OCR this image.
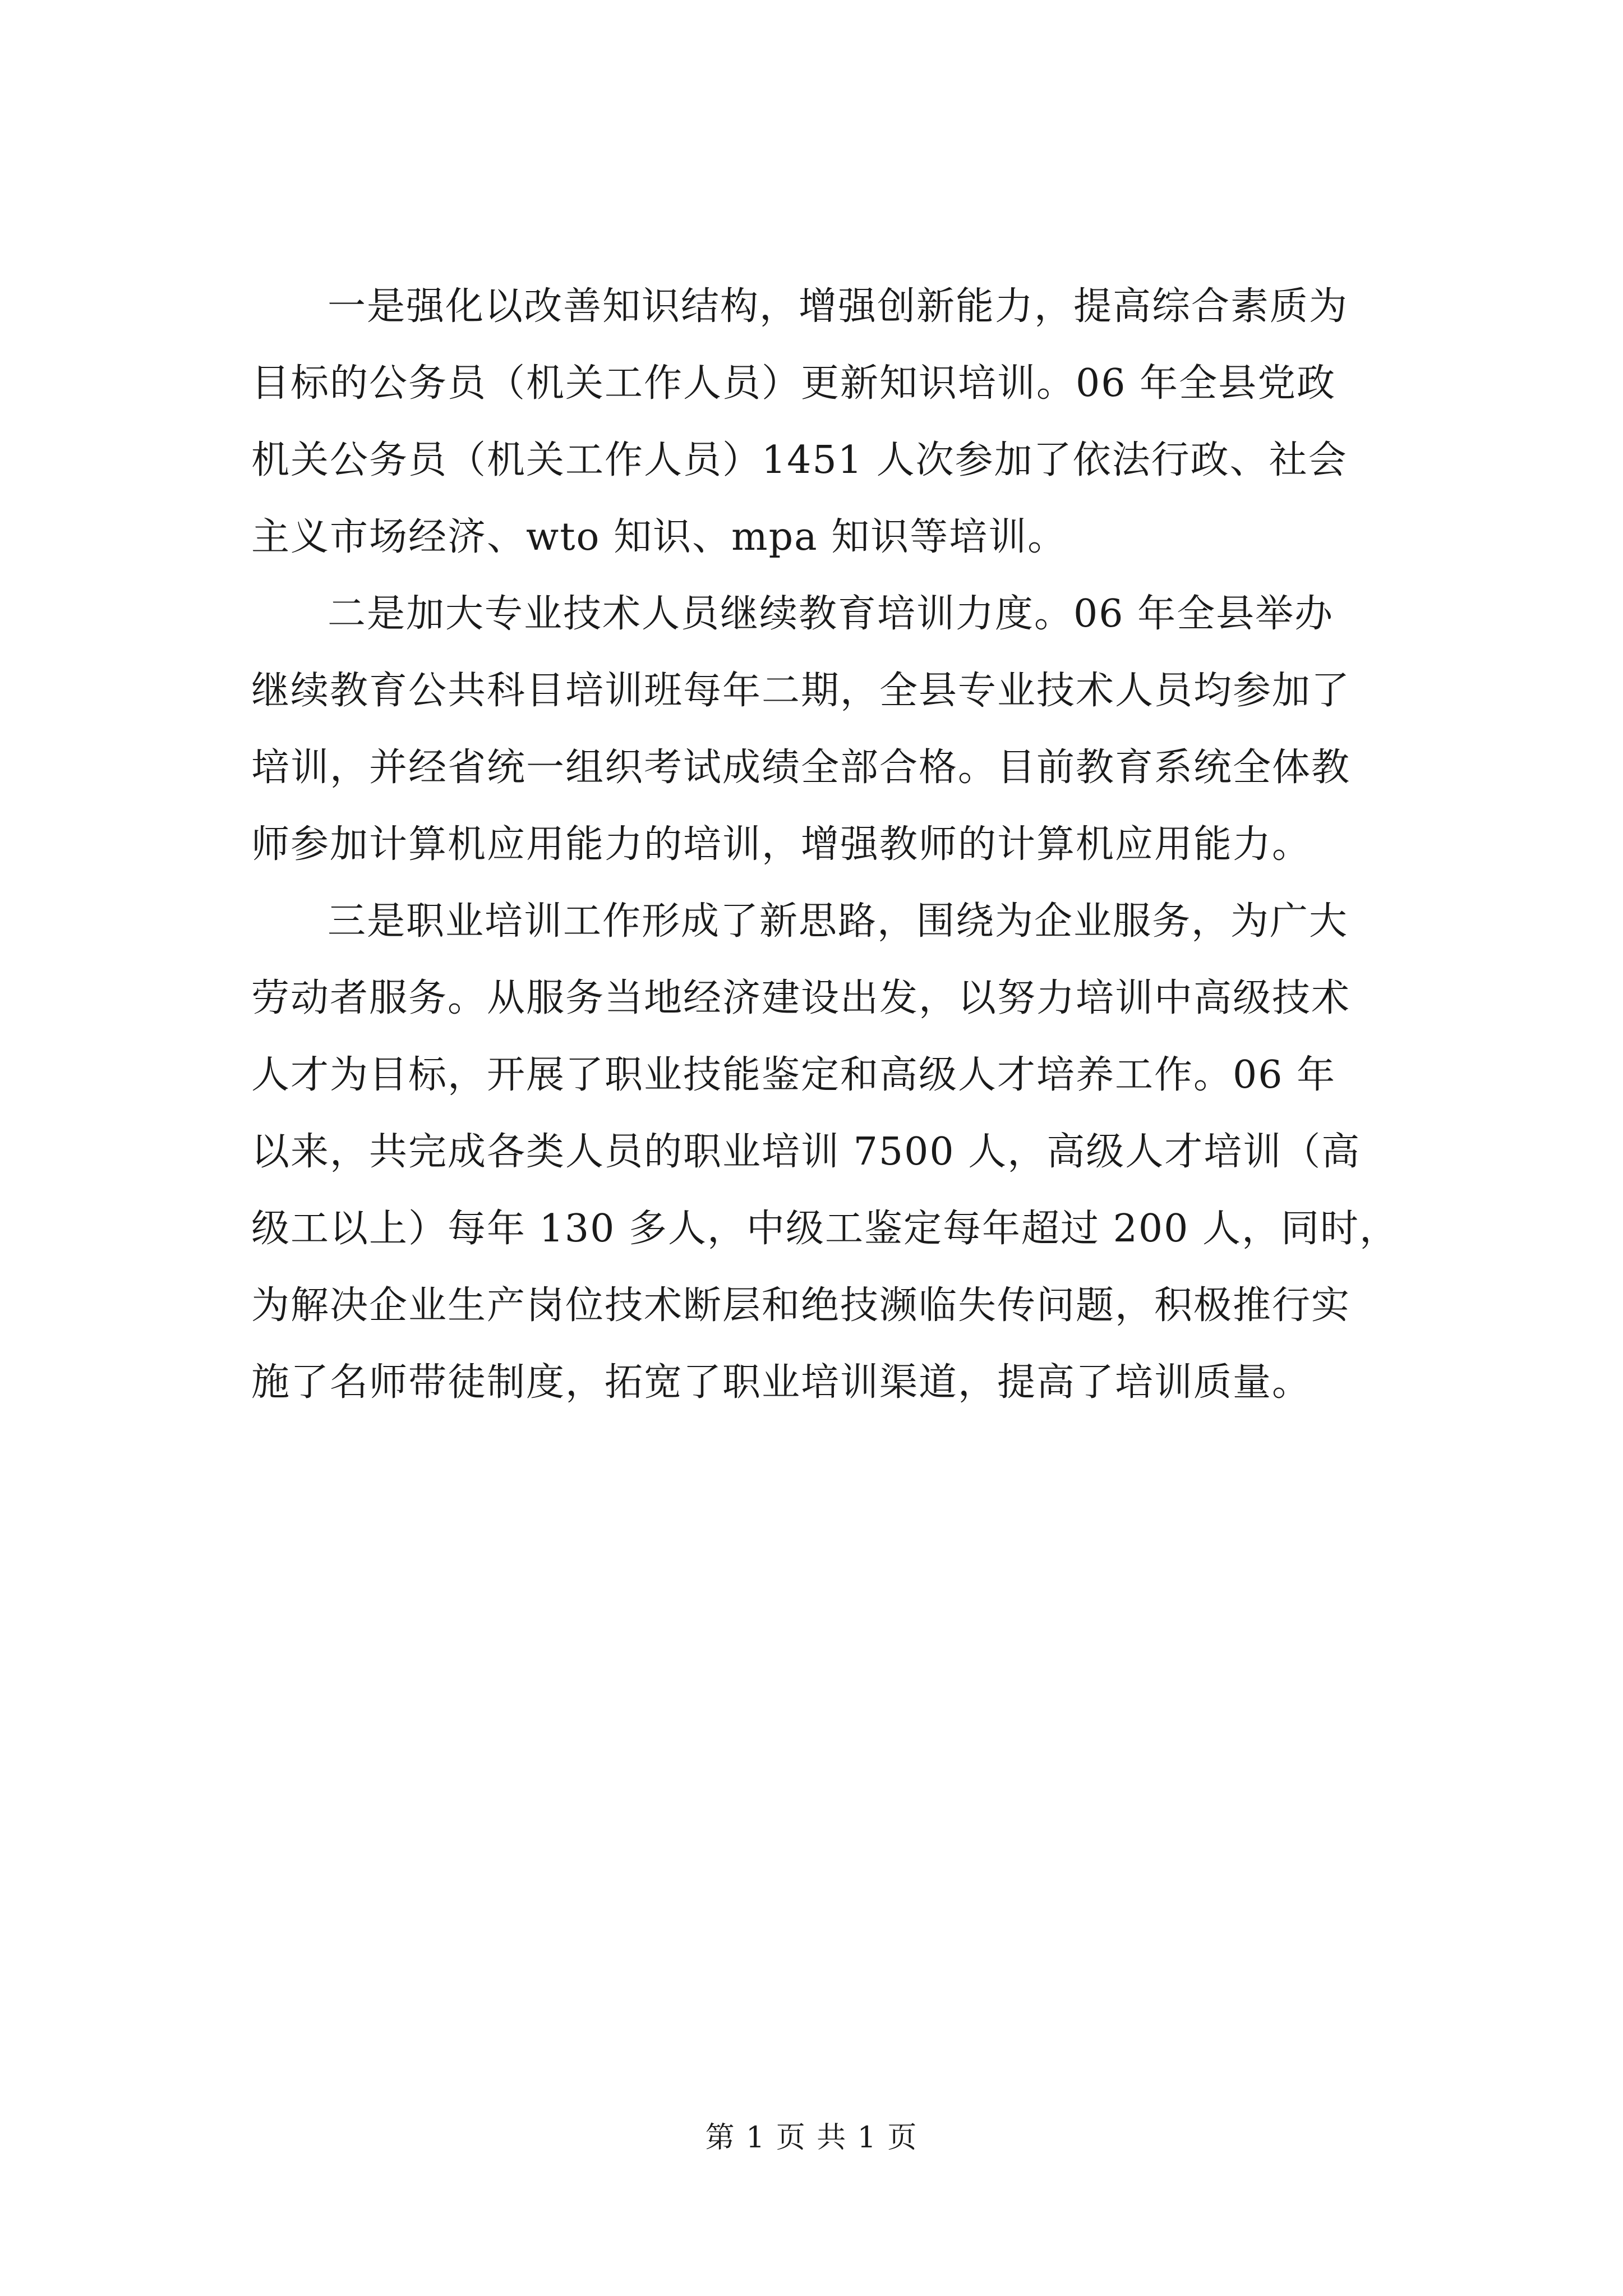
一是强化以改善知识结构，增强创新能力，提高综合素质为
目标的公务员（机关工作人员）更新知识培训。06 年全县党政
机关公务员（机关工作人员）1451 人次参加了依法行政、社会
主义市场经济、wto 知识、mpa 知识等培训。

二是加大专业技术人员继续教育培训力度。06 年全县举办
继续教育公共科目培训班每年二期，全县专业技术人员均参加了
培训，并经省统一组织考试成绩全部合格。目前教育系统全体教
师参加计算机应用能力的培训，增强教师的计算机应用能力。

三是职业培训工作形成了新思路，围绕为企业服务，为广大
劳动者服务。从服务当地经济建设出发，以努力培训中高级技术
人才为目标，开展了职业技能鉴定和高级人才培养工作。06 年
以来，共完成各类人员的职业培训 7500 人，高级人才培训（高
级工以上）每年 130 多人，中级工鉴定每年超过 200 人，同时，
为解决企业生产岗位技术断层和绝技濒临失传问题，积极推行实
施了名师带徒制度，拓宽了职业培训渠道，提高了培训质量。

第 1 页 共 1 页
